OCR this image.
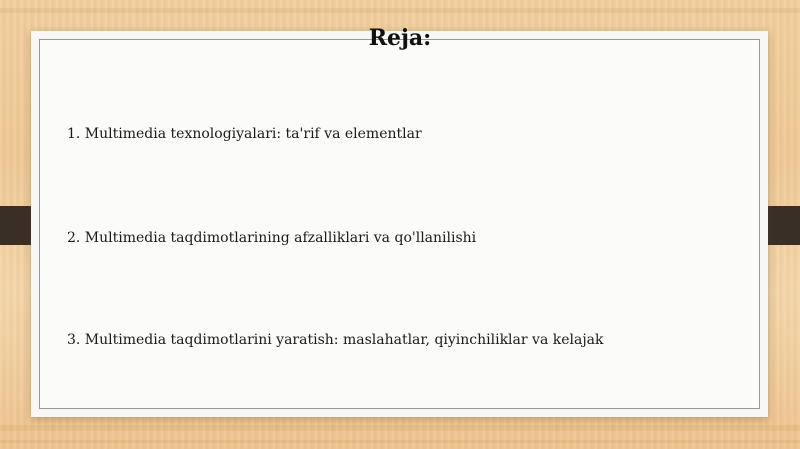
Reja:
1. Multimedia texnologiyalari: ta'rif va elementlar
2. Multimedia taqdimotlarining afzalliklari va qo'llanilishi
3. Multimedia taqdimotlarini yaratish: maslahatlar, qiyinchiliklar va kelajak
